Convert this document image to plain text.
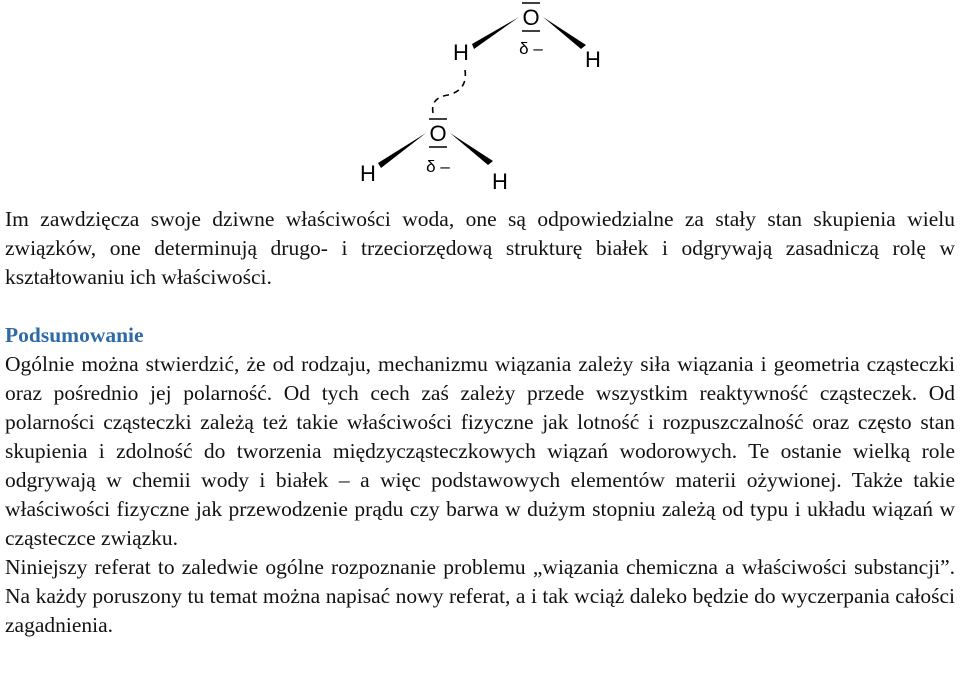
O
H	H
δ –
O
H	H
δ –

Im zawdzięcza swoje dziwne właściwości woda, one są odpowiedzialne za stały stan skupienia wielu związków, one determinują drugo- i trzeciorzędową strukturę białek i odgrywają zasadniczą rolę w kształtowaniu ich właściwości.

Podsumowanie

Ogólnie można stwierdzić, że od rodzaju, mechanizmu wiązania zależy siła wiązania i geometria cząsteczki oraz pośrednio jej polarność. Od tych cech zaś zależy przede wszystkim reaktywność cząsteczek. Od polarności cząsteczki zależą też takie właściwości fizyczne jak lotność i rozpuszczalność oraz często stan skupienia i zdolność do tworzenia międzycząsteczkowych wiązań wodorowych. Te ostanie wielką role odgrywają w chemii wody i białek – a więc podstawowych elementów materii ożywionej. Także takie właściwości fizyczne jak przewodzenie prądu czy barwa w dużym stopniu zależą od typu i układu wiązań w cząsteczce związku.

Niniejszy referat to zaledwie ogólne rozpoznanie problemu „wiązania chemiczna a właściwości substancji”. Na każdy poruszony tu temat można napisać nowy referat, a i tak wciąż daleko będzie do wyczerpania całości zagadnienia.
